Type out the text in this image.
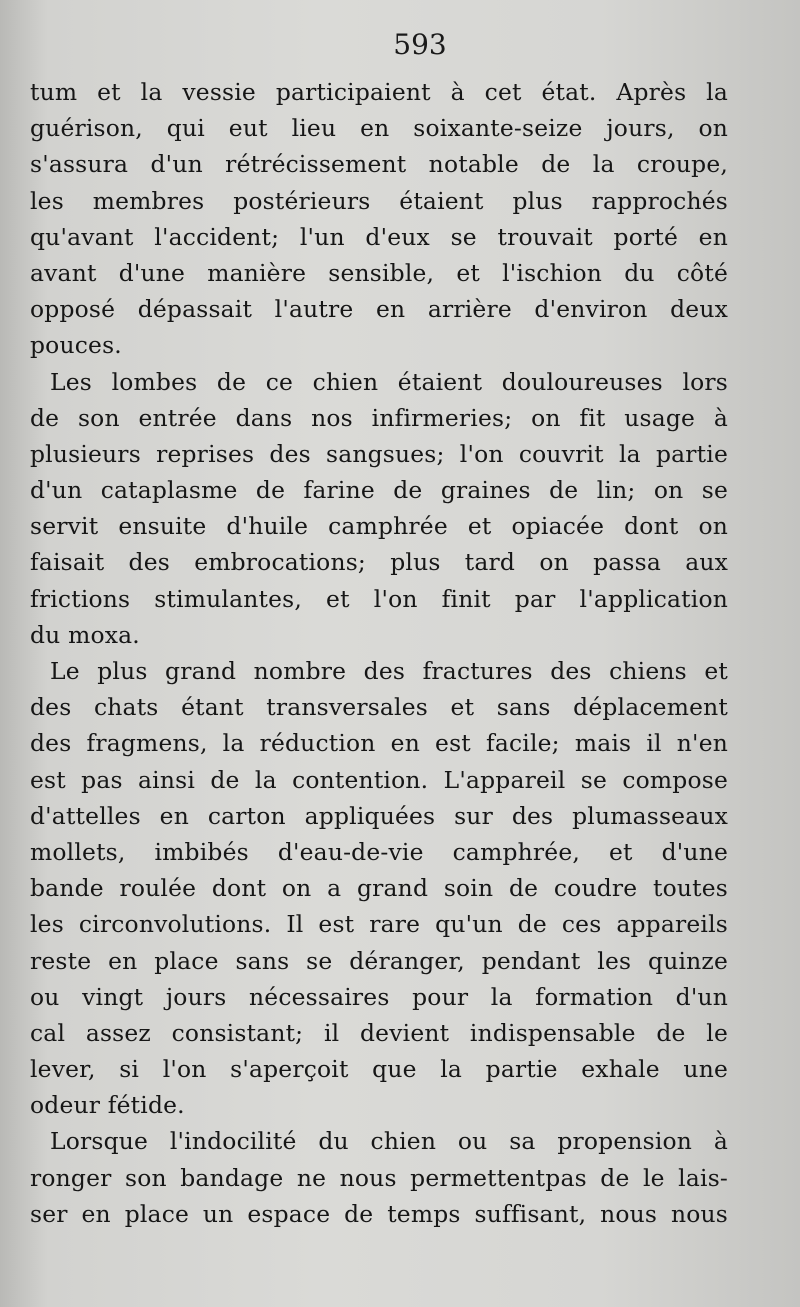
593
tum et la vessie participaient à cet état. Après la
guérison, qui eut lieu en soixante-seize jours, on
s'assura d'un rétrécissement notable de la croupe,
les membres postérieurs étaient plus rapprochés
qu'avant l'accident; l'un d'eux se trouvait porté en
avant d'une manière sensible, et l'ischion du côté
opposé dépassait l'autre en arrière d'environ deux
pouces.
Les lombes de ce chien étaient douloureuses lors
de son entrée dans nos infirmeries; on fit usage à
plusieurs reprises des sangsues; l'on couvrit la partie
d'un cataplasme de farine de graines de lin; on se
servit ensuite d'huile camphrée et opiacée dont on
faisait des embrocations; plus tard on passa aux
frictions stimulantes, et l'on finit par l'application
du moxa.
Le plus grand nombre des fractures des chiens et
des chats étant transversales et sans déplacement
des fragmens, la réduction en est facile; mais il n'en
est pas ainsi de la contention. L'appareil se compose
d'attelles en carton appliquées sur des plumasseaux
mollets, imbibés d'eau-de-vie camphrée, et d'une
bande roulée dont on a grand soin de coudre toutes
les circonvolutions. Il est rare qu'un de ces appareils
reste en place sans se déranger, pendant les quinze
ou vingt jours nécessaires pour la formation d'un
cal assez consistant; il devient indispensable de le
lever, si l'on s'aperçoit que la partie exhale une
odeur fétide.
Lorsque l'indocilité du chien ou sa propension à
ronger son bandage ne nous permettentpas de le lais-
ser en place un espace de temps suffisant, nous nous
